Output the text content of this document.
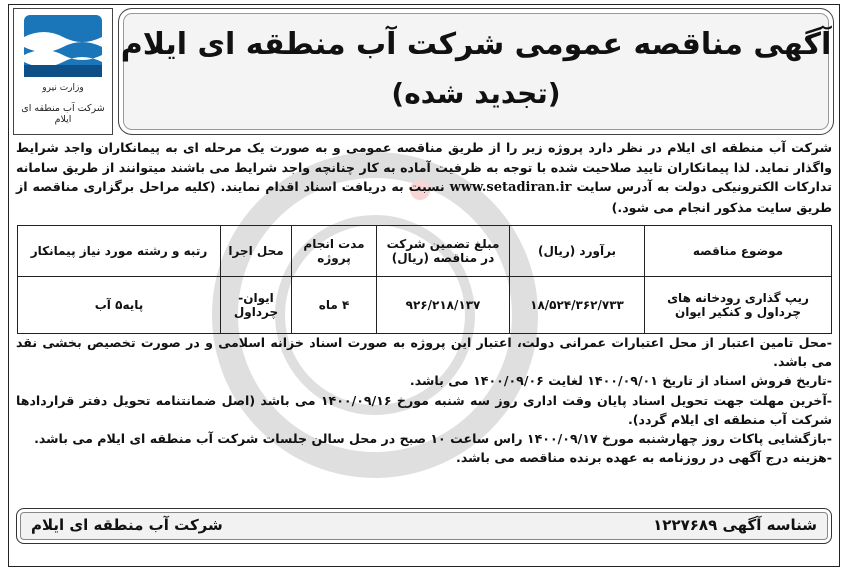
وزارت نیرو
شرکت آب منطقه ای ایلام
آگهی مناقصه عمومی شرکت آب منطقه ای ایلام
(تجدید شده)
شرکت آب منطقه ای ایلام در نظر دارد پروژه زیر را از طریق مناقصه عمومی و به صورت یک مرحله ای به پیمانکاران واجد شرایط واگذار نماید. لذا پیمانکاران تایید صلاحیت شده با توجه به ظرفیت آماده به کار چنانچه واجد شرایط می باشند میتوانند از طریق سامانه تدارکات الکترونیکی دولت به آدرس سایت www.setadiran.ir نسبت به دریافت اسناد اقدام نمایند. (کلیه مراحل برگزاری مناقصه از طریق سایت مذکور انجام می شود.)
موضوع مناقصه	برآورد (ریال)	مبلغ تضمین شرکت در مناقصه (ریال)	مدت انجام پروژه	محل اجرا	رتبه و رشته مورد نیاز پیمانکار
ریپ گذاری رودخانه های چرداول و کنکیر ایوان	۱۸/۵۲۴/۳۶۲/۷۳۳	۹۲۶/۲۱۸/۱۳۷	۴ ماه	ایوان- چرداول	پایه۵ آب

-محل تامین اعتبار از محل اعتبارات عمرانی دولت، اعتبار این پروژه به صورت اسناد خزانه اسلامی و در صورت تخصیص بخشی نقد می باشد.

-تاریخ فروش اسناد از تاریخ ۱۴۰۰/۰۹/۰۱ لغایت ۱۴۰۰/۰۹/۰۶ می باشد.

-آخرین مهلت جهت تحویل اسناد پایان وقت اداری روز سه شنبه مورخ ۱۴۰۰/۰۹/۱۶ می باشد (اصل ضمانتنامه تحویل دفتر قراردادها شرکت آب منطقه ای ایلام گردد).

-بازگشایی پاکات روز چهارشنبه مورخ ۱۴۰۰/۰۹/۱۷ راس ساعت ۱۰ صبح در محل سالن جلسات شرکت آب منطقه ای ایلام می باشد.

-هزینه درج آگهی در روزنامه به عهده برنده مناقصه می باشد.

شناسه آگهی ۱۲۲۷۶۸۹
شرکت آب منطقه ای ایلام
